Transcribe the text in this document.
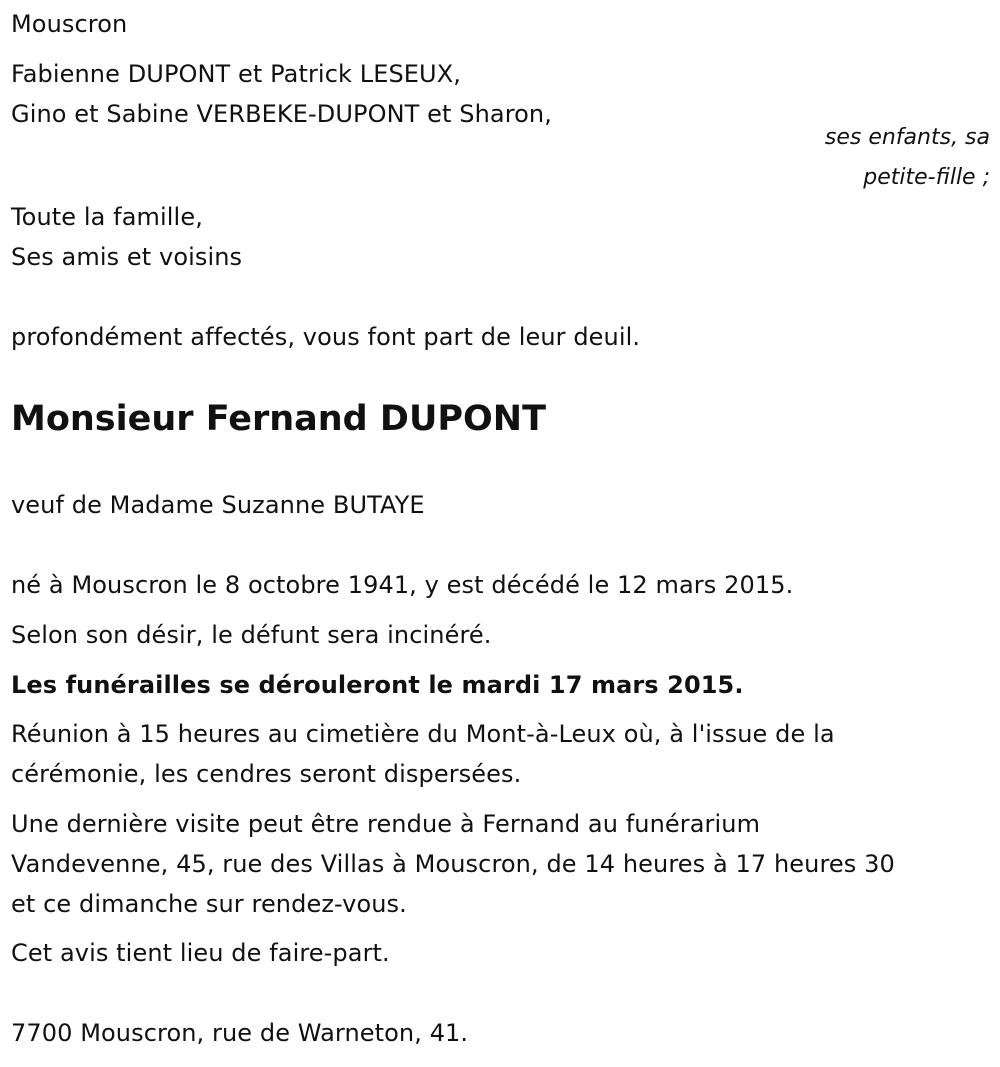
Mouscron
Fabienne DUPONT et Patrick LESEUX,
Gino et Sabine VERBEKE-DUPONT et Sharon,
ses enfants, sa
petite-fille ;
Toute la famille,
Ses amis et voisins
profondément affectés, vous font part de leur deuil.
Monsieur Fernand DUPONT
veuf de Madame Suzanne BUTAYE
né à Mouscron le 8 octobre 1941, y est décédé le 12 mars 2015.
Selon son désir, le défunt sera incinéré.
Les funérailles se dérouleront le mardi 17 mars 2015.
Réunion à 15 heures au cimetière du Mont-à-Leux où, à l'issue de la
cérémonie, les cendres seront dispersées.
Une dernière visite peut être rendue à Fernand au funérarium
Vandevenne, 45, rue des Villas à Mouscron, de 14 heures à 17 heures 30
et ce dimanche sur rendez-vous.
Cet avis tient lieu de faire-part.
7700 Mouscron, rue de Warneton, 41.
